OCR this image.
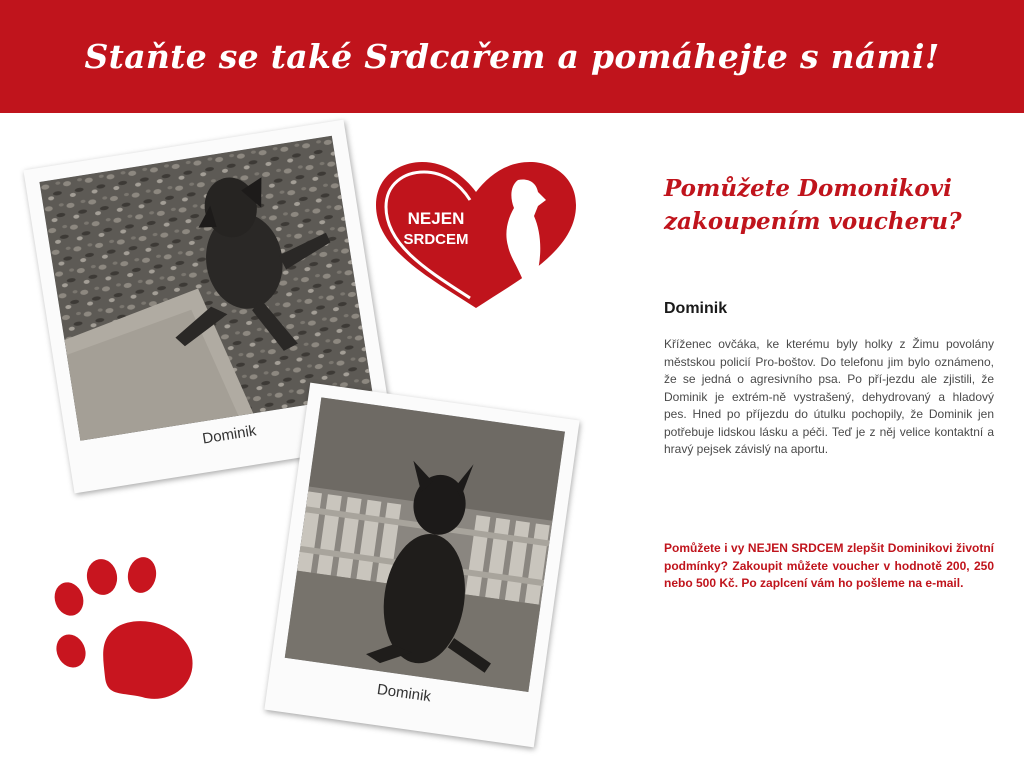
Staňte se také Srdcařem a pomáhejte s námi!
Dominik
Dominik
NEJEN
SRDCEM
Pomůžete Domonikovi
zakoupením voucheru?
Dominik

Kříženec ovčáka, ke kterému byly holky z Žimu povolány městskou policií Pro-boštov. Do telefonu jim bylo oznámeno, že se jedná o agresivního psa. Po pří-jezdu ale zjistili, že Dominik je extrém-ně vystrašený, dehydrovaný a hladový pes. Hned po příjezdu do útulku pochopily, že Dominik jen potřebuje lidskou lásku a péči. Teď je z něj velice kontaktní a hravý pejsek závislý na aportu.

Pomůžete i vy NEJEN SRDCEM zlepšit Dominikovi životní podmínky? Zakoupit můžete voucher v hodnotě 200, 250 nebo 500 Kč. Po zaplcení vám ho pošleme na e-mail.
